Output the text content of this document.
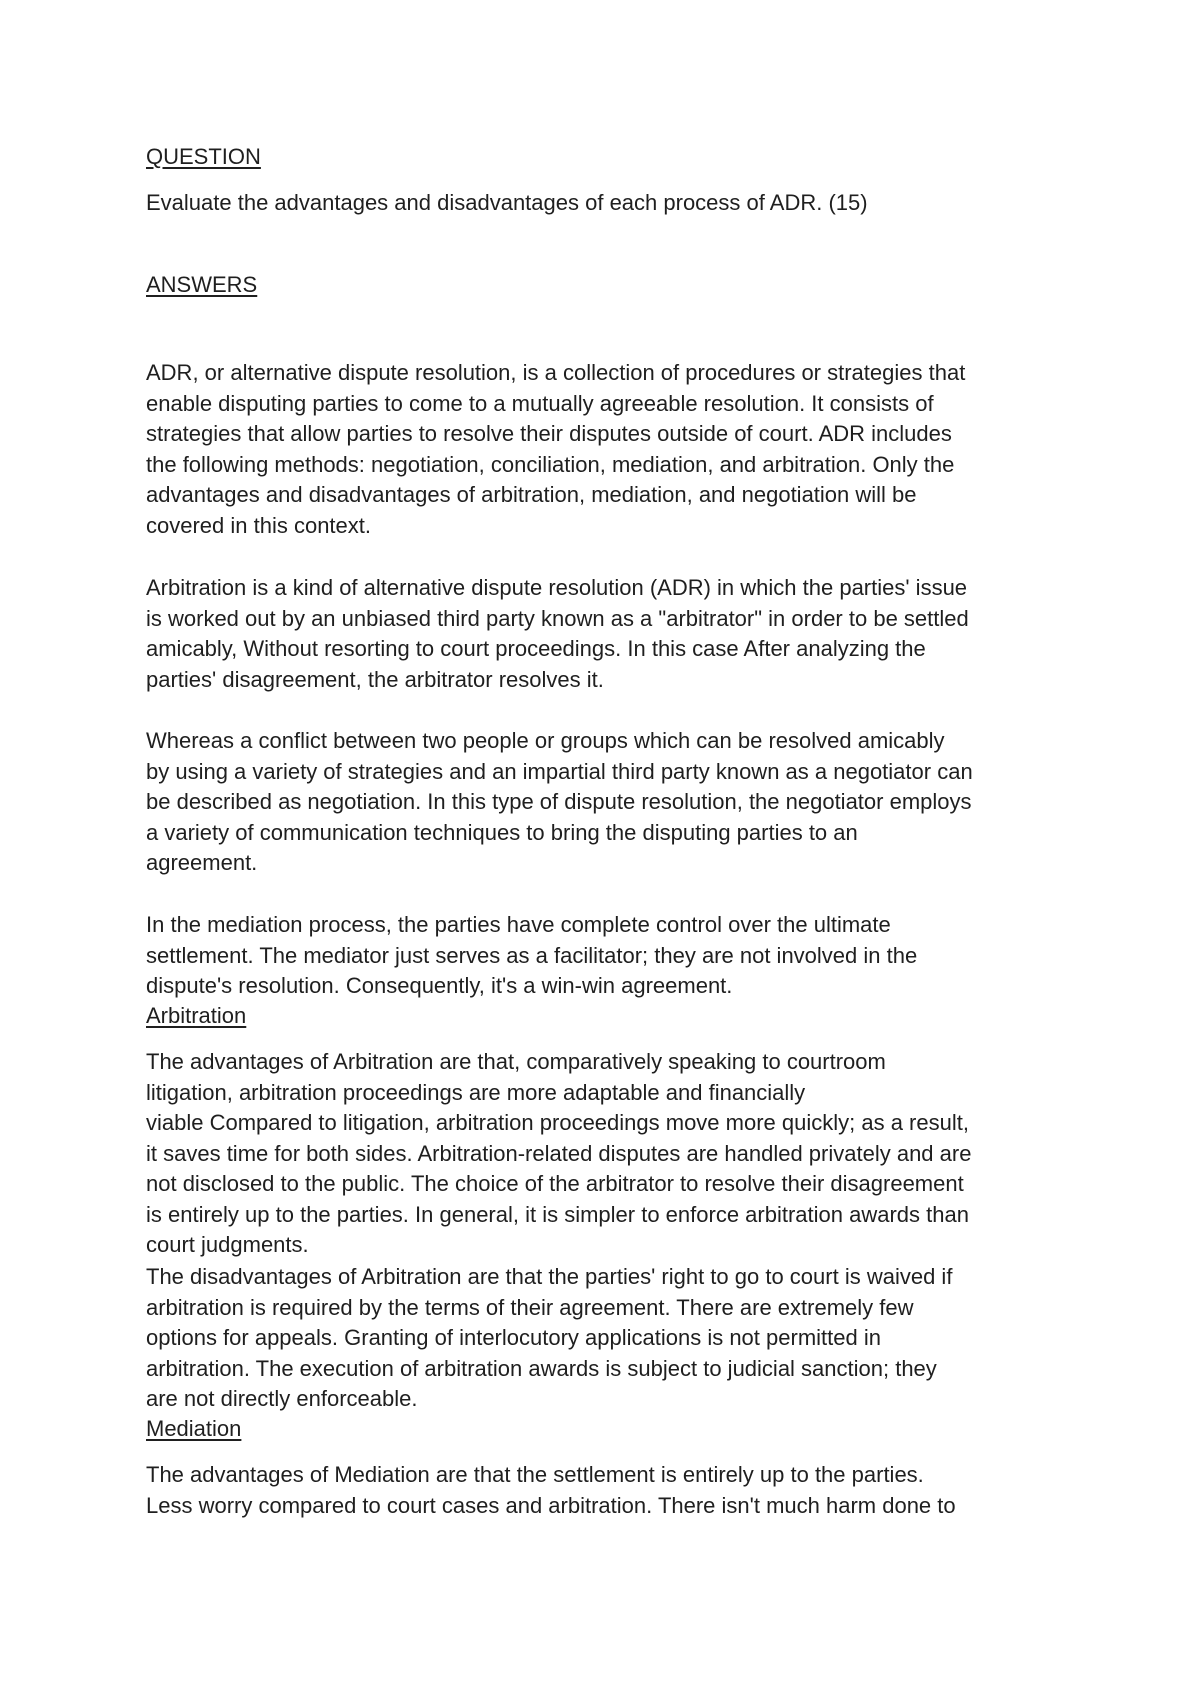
QUESTION

Evaluate the advantages and disadvantages of each process of ADR. (15)

ANSWERS

ADR, or alternative dispute resolution, is a collection of procedures or strategies that
enable disputing parties to come to a mutually agreeable resolution. It consists of
strategies that allow parties to resolve their disputes outside of court. ADR includes
the following methods: negotiation, conciliation, mediation, and arbitration. Only the
advantages and disadvantages of arbitration, mediation, and negotiation will be
covered in this context.

Arbitration is a kind of alternative dispute resolution (ADR) in which the parties' issue
is worked out by an unbiased third party known as a "arbitrator" in order to be settled
amicably, Without resorting to court proceedings. In this case After analyzing the
parties' disagreement, the arbitrator resolves it.

Whereas a conflict between two people or groups which can be resolved amicably
by using a variety of strategies and an impartial third party known as a negotiator can
be described as negotiation. In this type of dispute resolution, the negotiator employs
a variety of communication techniques to bring the disputing parties to an
agreement.

In the mediation process, the parties have complete control over the ultimate
settlement. The mediator just serves as a facilitator; they are not involved in the
dispute's resolution. Consequently, it's a win-win agreement.

Arbitration

The advantages of Arbitration are that, comparatively speaking to courtroom
litigation, arbitration proceedings are more adaptable and financially
viable Compared to litigation, arbitration proceedings move more quickly; as a result,
it saves time for both sides. Arbitration-related disputes are handled privately and are
not disclosed to the public. The choice of the arbitrator to resolve their disagreement
is entirely up to the parties. In general, it is simpler to enforce arbitration awards than
court judgments.

The disadvantages of Arbitration are that the parties' right to go to court is waived if
arbitration is required by the terms of their agreement. There are extremely few
options for appeals. Granting of interlocutory applications is not permitted in
arbitration. The execution of arbitration awards is subject to judicial sanction; they
are not directly enforceable.

Mediation

The advantages of Mediation are that the settlement is entirely up to the parties.
Less worry compared to court cases and arbitration. There isn't much harm done to
